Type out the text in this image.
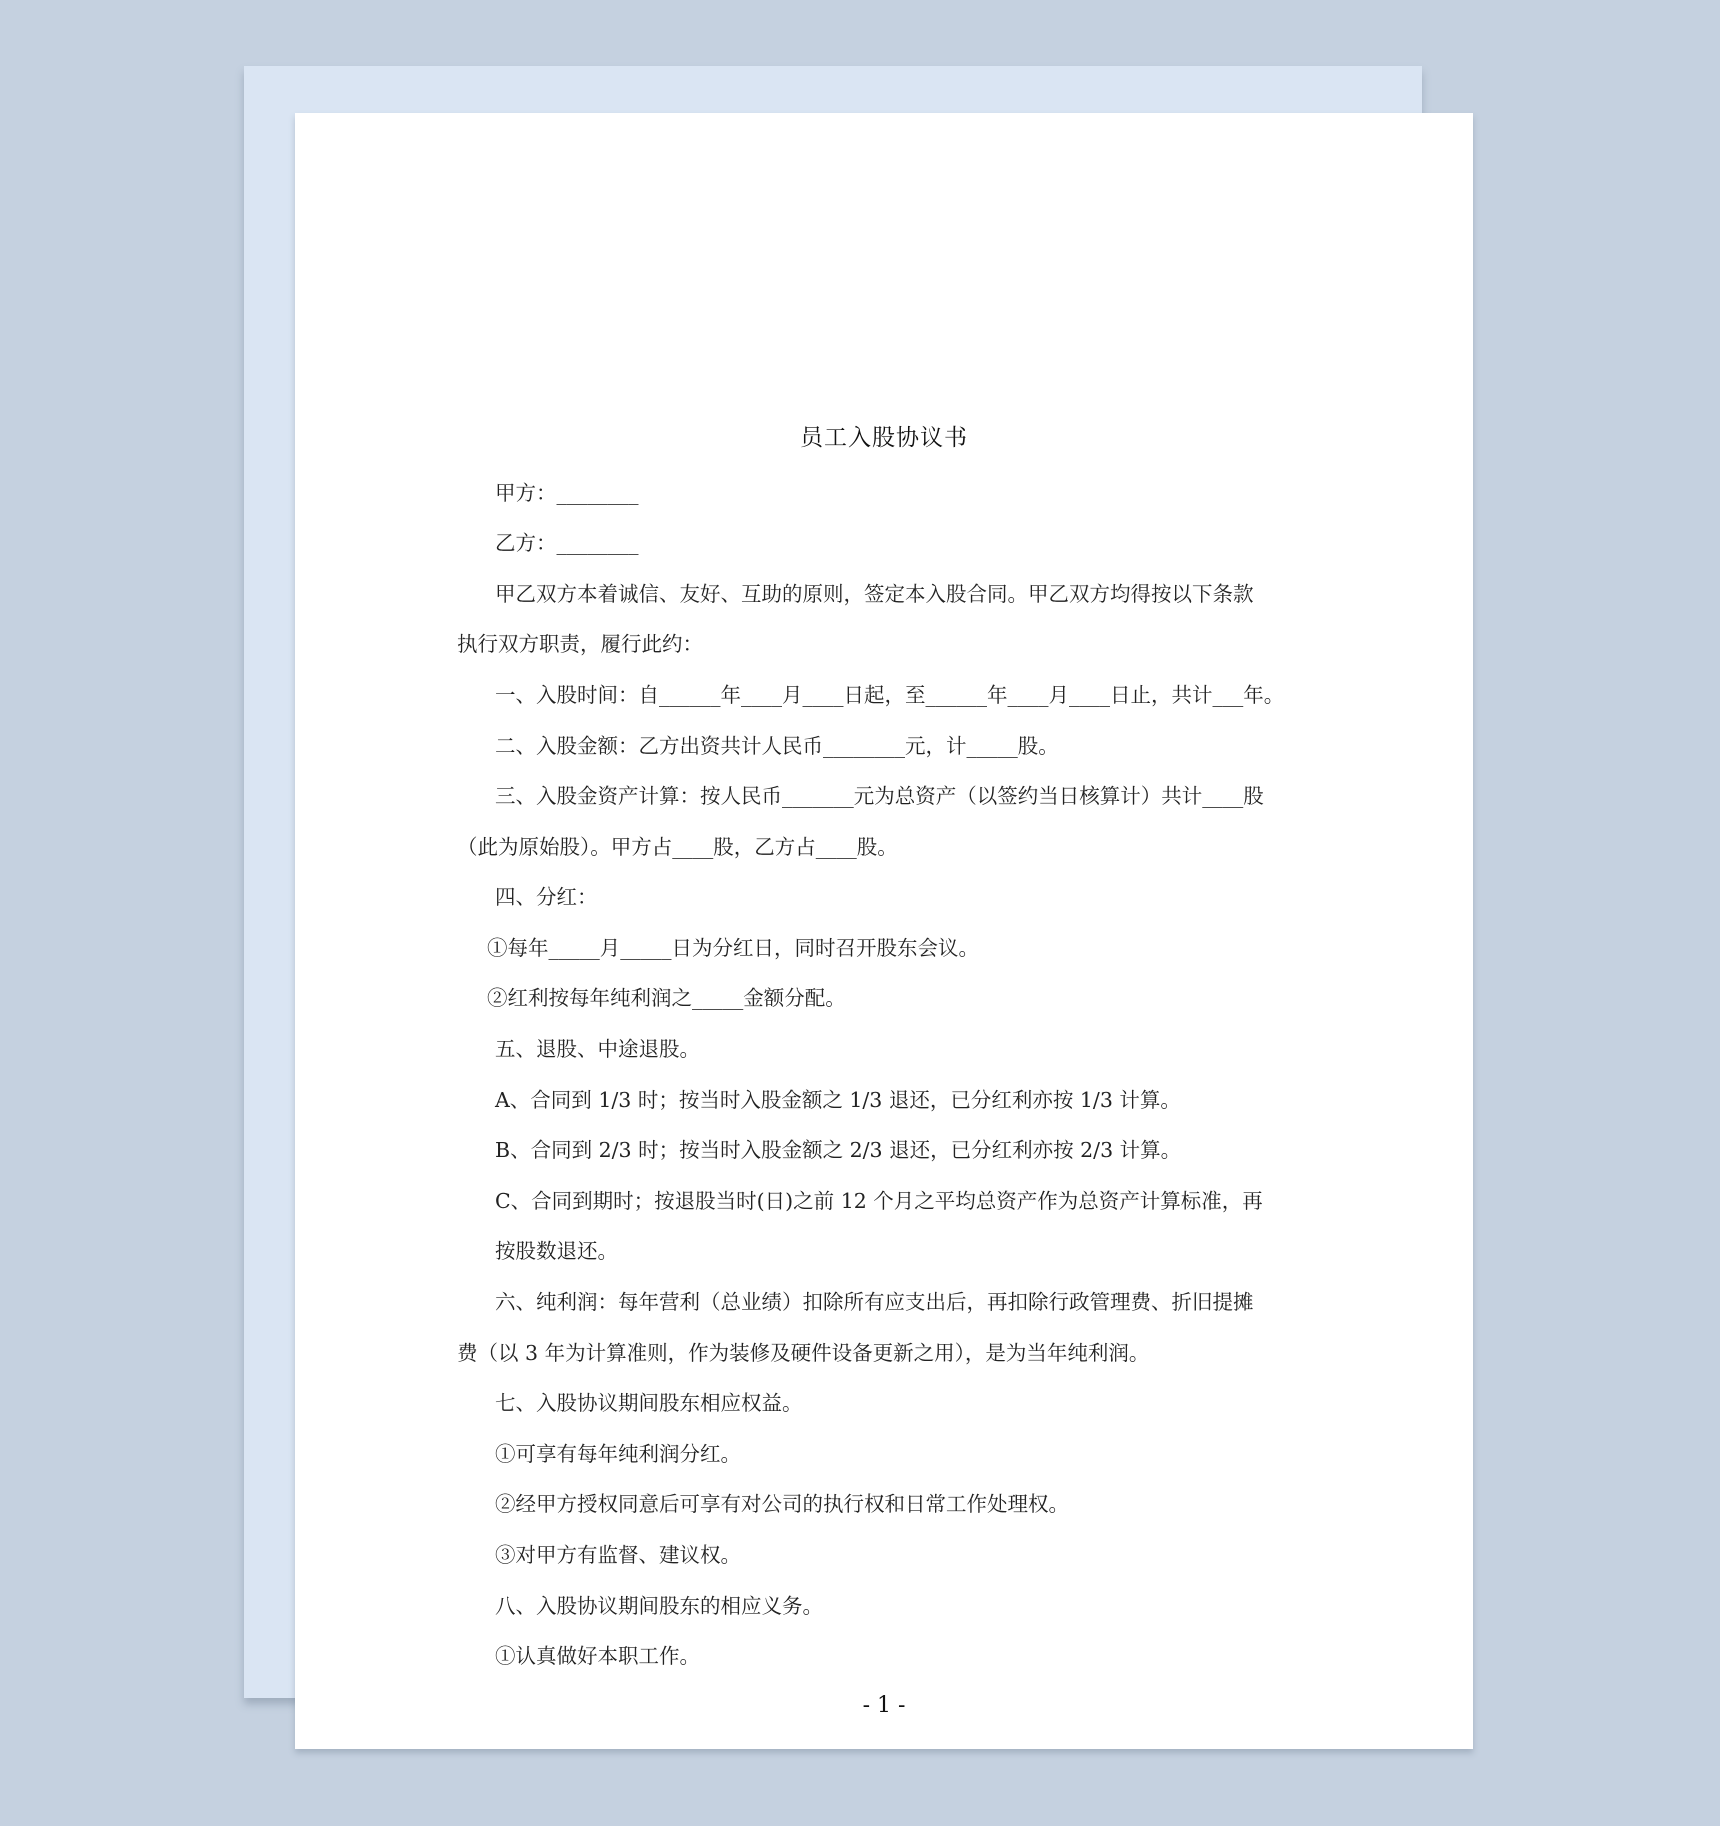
员工入股协议书
甲方：________
乙方：________
甲乙双方本着诚信、友好、互助的原则，签定本入股合同。甲乙双方均得按以下条款
执行双方职责，履行此约：
一、入股时间：自______年____月____日起，至______年____月____日止，共计___年。
二、入股金额：乙方出资共计人民币________元，计_____股。
三、入股金资产计算：按人民币_______元为总资产（以签约当日核算计）共计____股
（此为原始股）。甲方占____股，乙方占____股。
四、分红：
①每年_____月_____日为分红日，同时召开股东会议。
②红利按每年纯利润之_____金额分配。
五、退股、中途退股。
A、合同到 1/3 时；按当时入股金额之 1/3 退还，已分红利亦按 1/3 计算。
B、合同到 2/3 时；按当时入股金额之 2/3 退还，已分红利亦按 2/3 计算。
C、合同到期时；按退股当时(日)之前 12 个月之平均总资产作为总资产计算标准，再
按股数退还。
六、纯利润：每年营利（总业绩）扣除所有应支出后，再扣除行政管理费、折旧提摊
费（以 3 年为计算准则，作为装修及硬件设备更新之用），是为当年纯利润。
七、入股协议期间股东相应权益。
①可享有每年纯利润分红。
②经甲方授权同意后可享有对公司的执行权和日常工作处理权。
③对甲方有监督、建议权。
八、入股协议期间股东的相应义务。
①认真做好本职工作。
- 1 -
